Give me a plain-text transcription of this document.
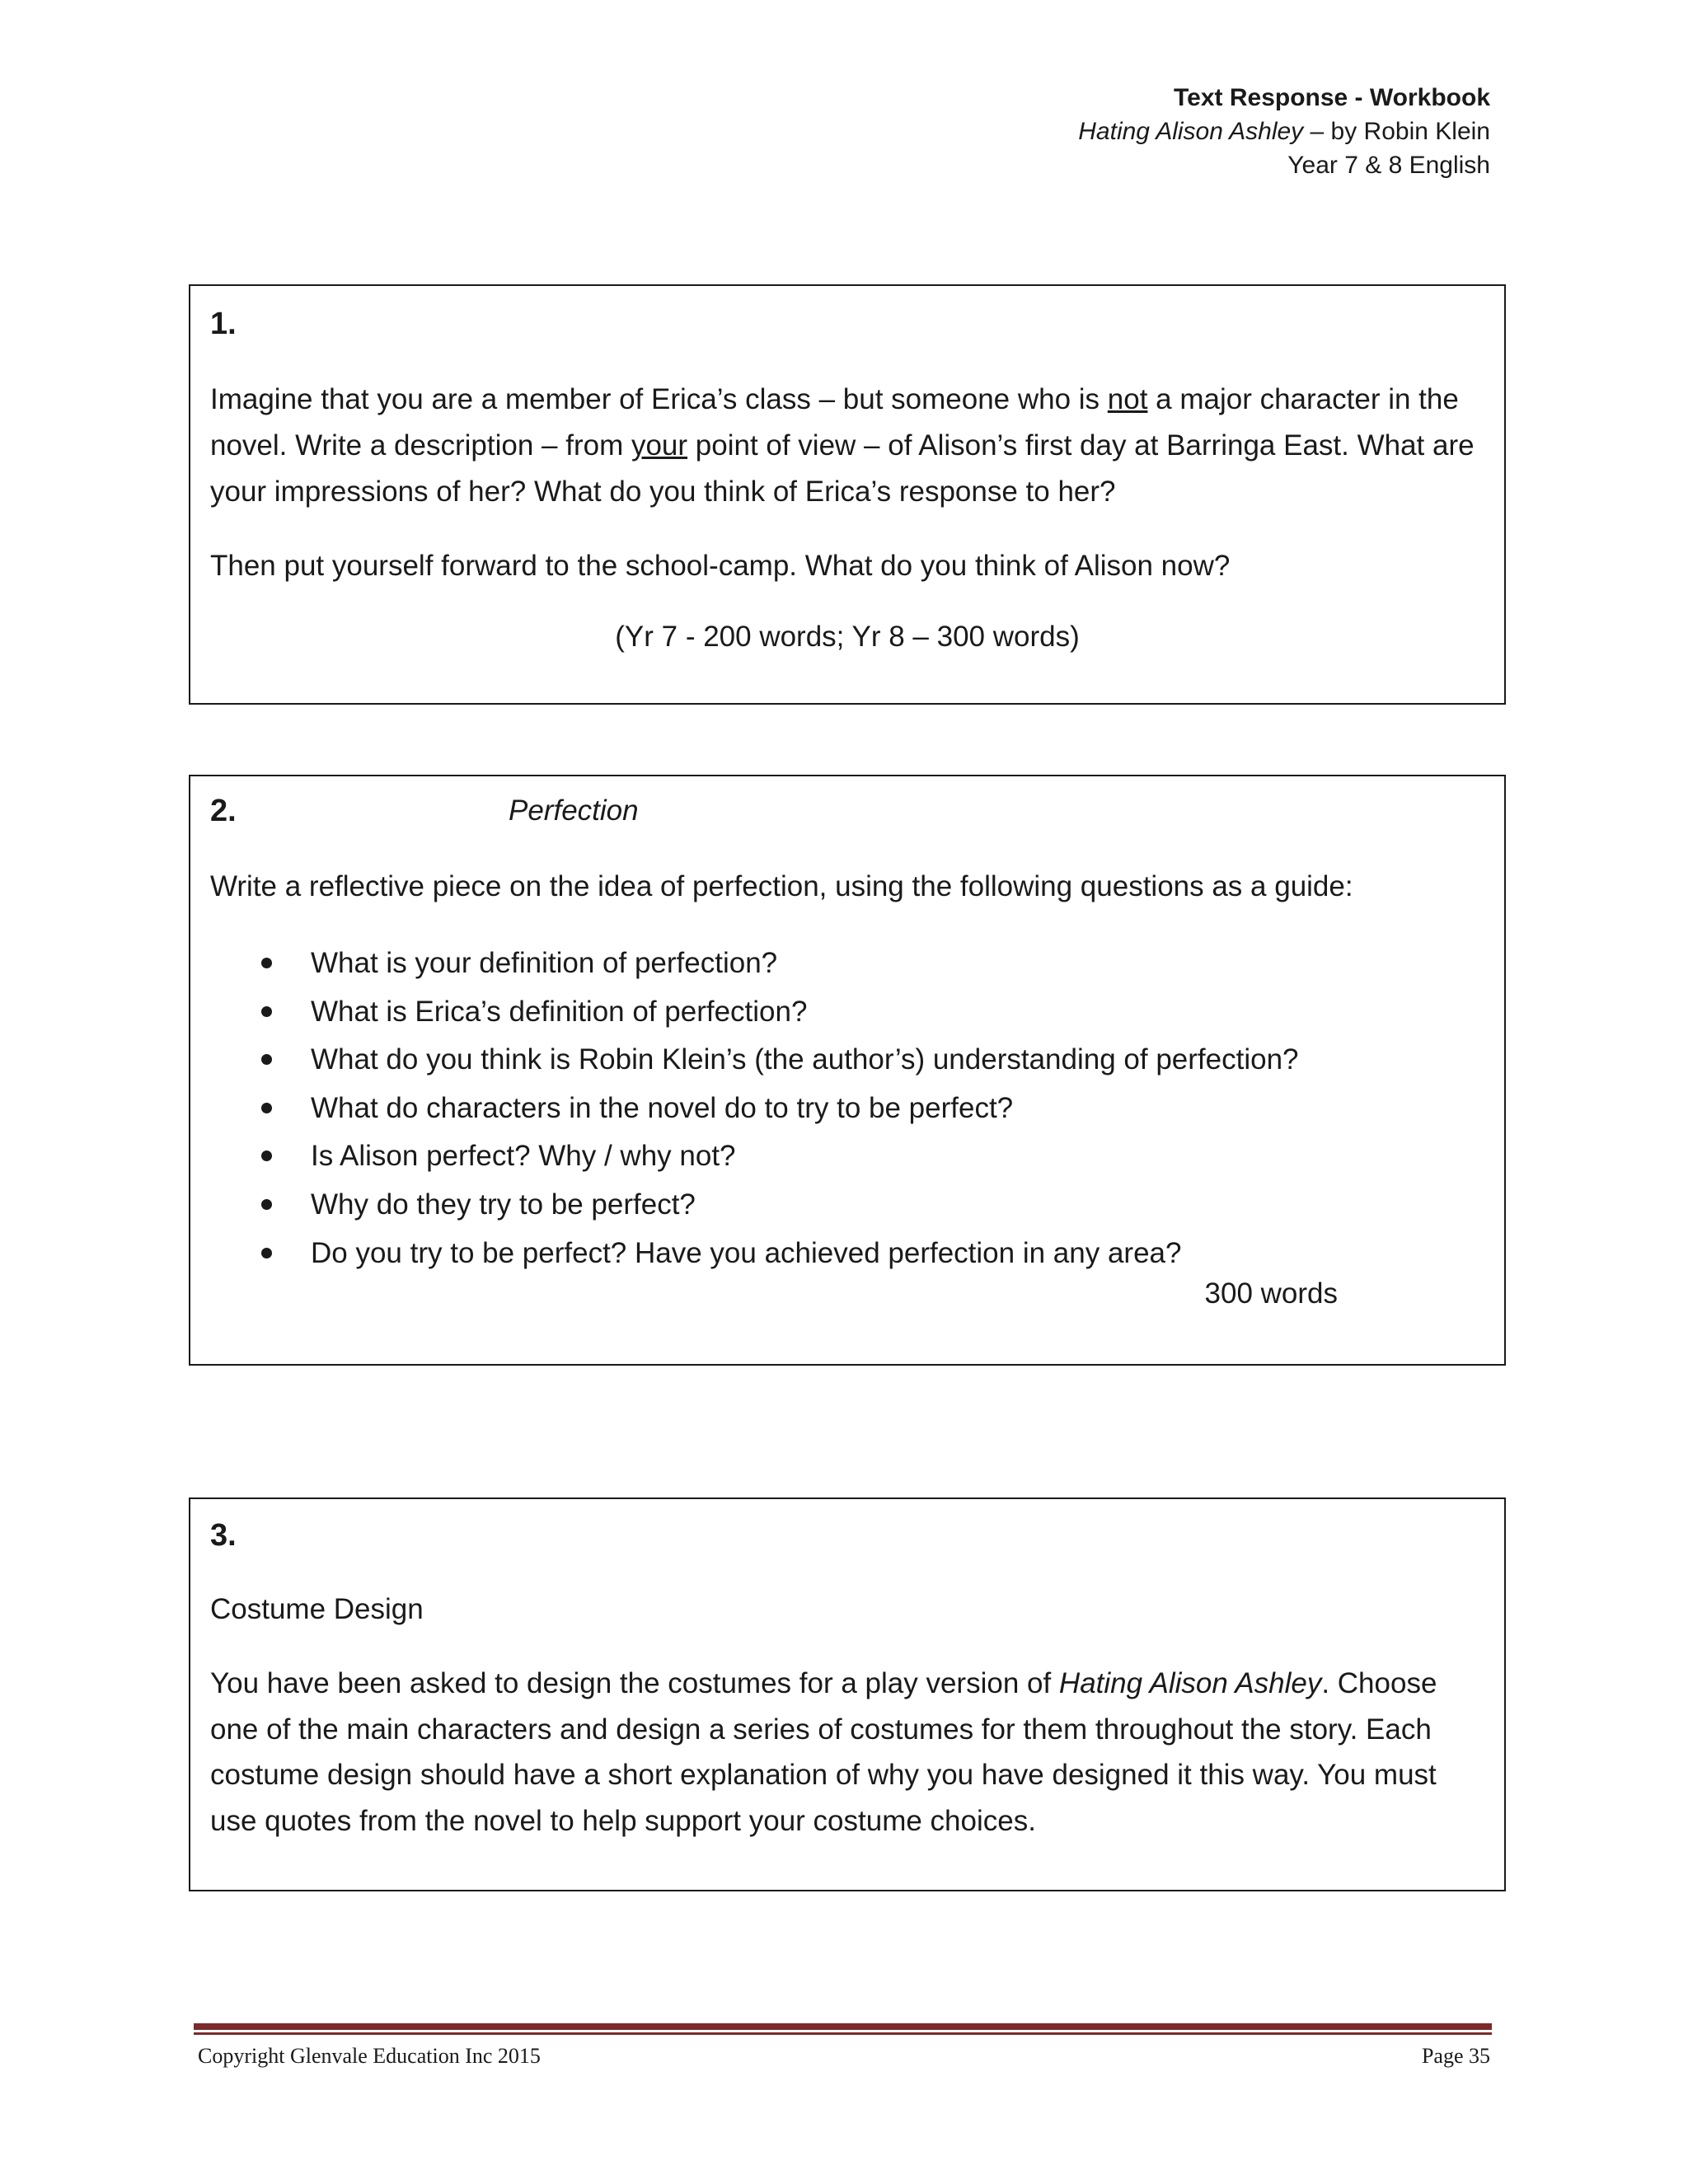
Text Response - Workbook
Hating Alison Ashley – by Robin Klein
Year 7 & 8 English
1.
Imagine that you are a member of Erica’s class – but someone who is not a major character in the novel. Write a description – from your point of view – of Alison’s first day at Barringa East. What are your impressions of her? What do you think of Erica’s response to her?
Then put yourself forward to the school-camp. What do you think of Alison now?
(Yr 7 - 200 words; Yr 8 – 300 words)
2.	Perfection
Write a reflective piece on the idea of perfection, using the following questions as a guide:
What is your definition of perfection?
What is Erica’s definition of perfection?
What do you think is Robin Klein’s (the author’s) understanding of perfection?
What do characters in the novel do to try to be perfect?
Is Alison perfect? Why / why not?
Why do they try to be perfect?
Do you try to be perfect? Have you achieved perfection in any area?
300 words
3.
Costume Design
You have been asked to design the costumes for a play version of Hating Alison Ashley. Choose one of the main characters and design a series of costumes for them throughout the story. Each costume design should have a short explanation of why you have designed it this way. You must use quotes from the novel to help support your costume choices.
Copyright Glenvale Education Inc 2015	Page 35
